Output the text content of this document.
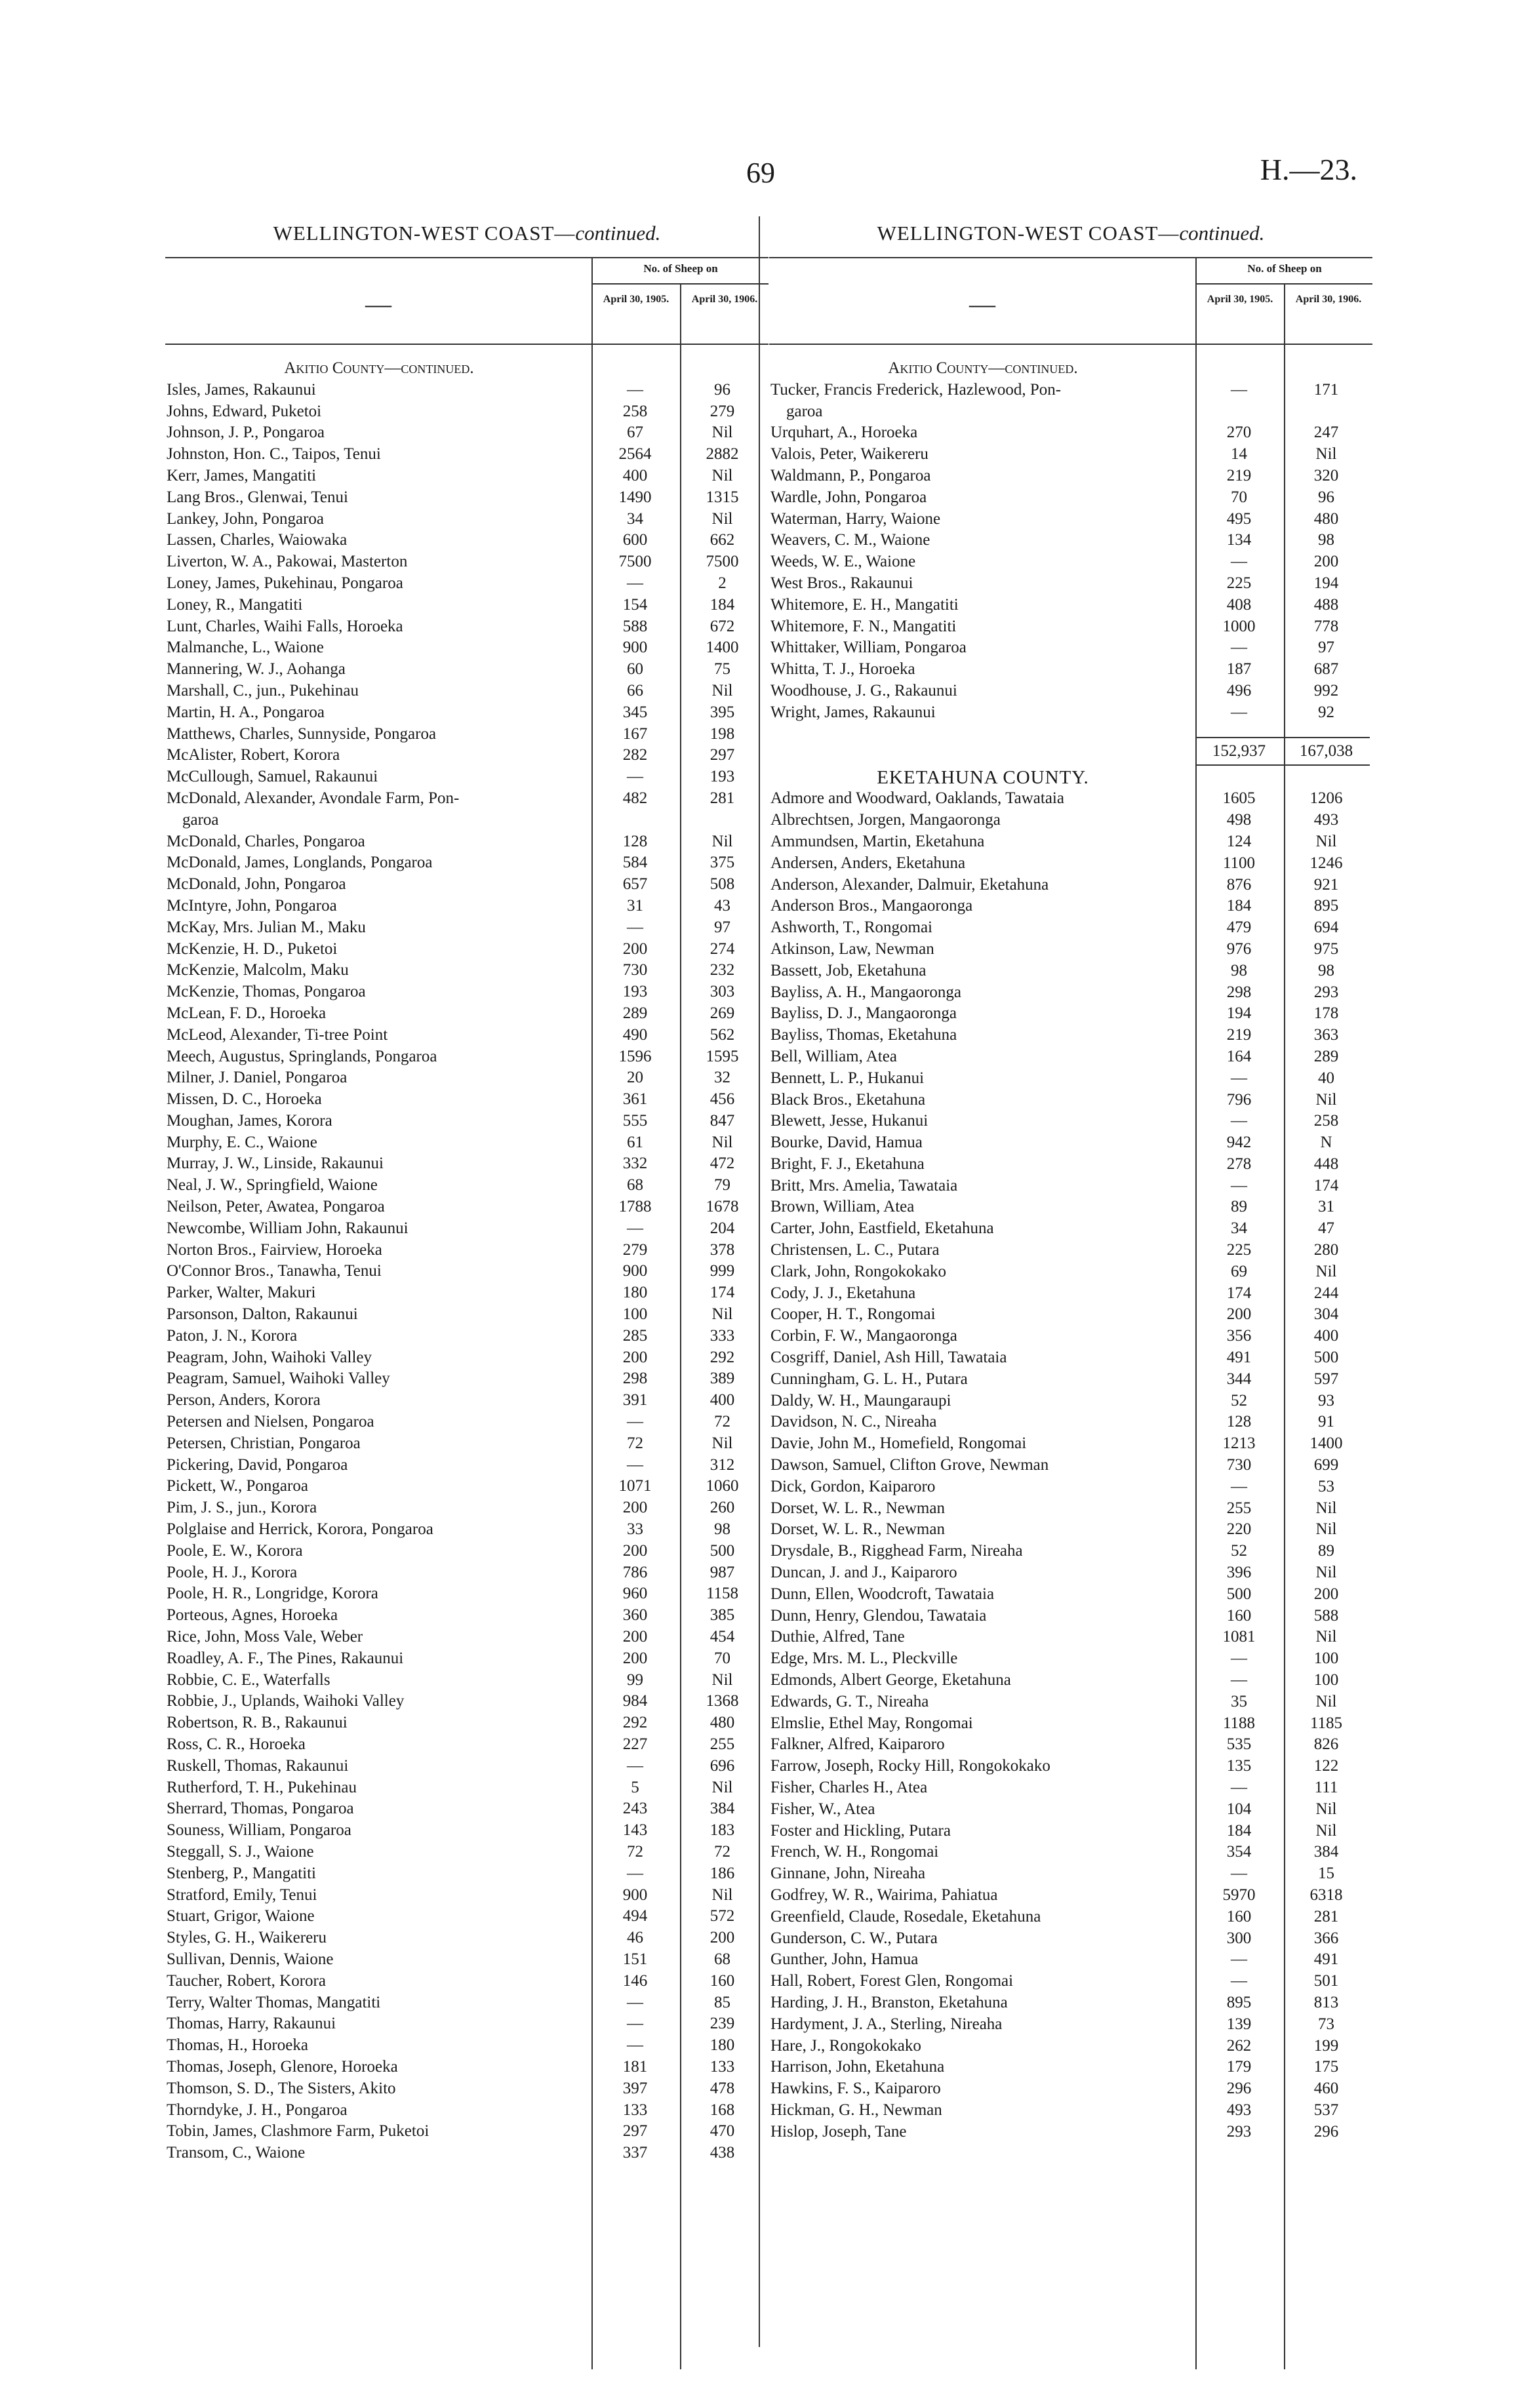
69	H.—23.
WELLINGTON-WEST COAST—continued.
—
No. of Sheep on
April 30, 1905.	April 30, 1906.
Akitio County—continued.
Isles, James, Rakaunui	—	96
Johns, Edward, Puketoi	258	279
Johnson, J. P., Pongaroa	67	Nil
Johnston, Hon. C., Taipos, Tenui	2564	2882
Kerr, James, Mangatiti	400	Nil
Lang Bros., Glenwai, Tenui	1490	1315
Lankey, John, Pongaroa	34	Nil
Lassen, Charles, Waiowaka	600	662
Liverton, W. A., Pakowai, Masterton	7500	7500
Loney, James, Pukehinau, Pongaroa	—	2
Loney, R., Mangatiti	154	184
Lunt, Charles, Waihi Falls, Horoeka	588	672
Malmanche, L., Waione	900	1400
Mannering, W. J., Aohanga	60	75
Marshall, C., jun., Pukehinau	66	Nil
Martin, H. A., Pongaroa	345	395
Matthews, Charles, Sunnyside, Pongaroa	167	198
McAlister, Robert, Korora	282	297
McCullough, Samuel, Rakaunui	—	193
McDonald, Alexander, Avondale Farm, Pon-	482	281
garoa
McDonald, Charles, Pongaroa	128	Nil
McDonald, James, Longlands, Pongaroa	584	375
McDonald, John, Pongaroa	657	508
McIntyre, John, Pongaroa	31	43
McKay, Mrs. Julian M., Maku	—	97
McKenzie, H. D., Puketoi	200	274
McKenzie, Malcolm, Maku	730	232
McKenzie, Thomas, Pongaroa	193	303
McLean, F. D., Horoeka	289	269
McLeod, Alexander, Ti-tree Point	490	562
Meech, Augustus, Springlands, Pongaroa	1596	1595
Milner, J. Daniel, Pongaroa	20	32
Missen, D. C., Horoeka	361	456
Moughan, James, Korora	555	847
Murphy, E. C., Waione	61	Nil
Murray, J. W., Linside, Rakaunui	332	472
Neal, J. W., Springfield, Waione	68	79
Neilson, Peter, Awatea, Pongaroa	1788	1678
Newcombe, William John, Rakaunui	—	204
Norton Bros., Fairview, Horoeka	279	378
O'Connor Bros., Tanawha, Tenui	900	999
Parker, Walter, Makuri	180	174
Parsonson, Dalton, Rakaunui	100	Nil
Paton, J. N., Korora	285	333
Peagram, John, Waihoki Valley	200	292
Peagram, Samuel, Waihoki Valley	298	389
Person, Anders, Korora	391	400
Petersen and Nielsen, Pongaroa	—	72
Petersen, Christian, Pongaroa	72	Nil
Pickering, David, Pongaroa	—	312
Pickett, W., Pongaroa	1071	1060
Pim, J. S., jun., Korora	200	260
Polglaise and Herrick, Korora, Pongaroa	33	98
Poole, E. W., Korora	200	500
Poole, H. J., Korora	786	987
Poole, H. R., Longridge, Korora	960	1158
Porteous, Agnes, Horoeka	360	385
Rice, John, Moss Vale, Weber	200	454
Roadley, A. F., The Pines, Rakaunui	200	70
Robbie, C. E., Waterfalls	99	Nil
Robbie, J., Uplands, Waihoki Valley	984	1368
Robertson, R. B., Rakaunui	292	480
Ross, C. R., Horoeka	227	255
Ruskell, Thomas, Rakaunui	—	696
Rutherford, T. H., Pukehinau	5	Nil
Sherrard, Thomas, Pongaroa	243	384
Souness, William, Pongaroa	143	183
Steggall, S. J., Waione	72	72
Stenberg, P., Mangatiti	—	186
Stratford, Emily, Tenui	900	Nil
Stuart, Grigor, Waione	494	572
Styles, G. H., Waikereru	46	200
Sullivan, Dennis, Waione	151	68
Taucher, Robert, Korora	146	160
Terry, Walter Thomas, Mangatiti	—	85
Thomas, Harry, Rakaunui	—	239
Thomas, H., Horoeka	—	180
Thomas, Joseph, Glenore, Horoeka	181	133
Thomson, S. D., The Sisters, Akito	397	478
Thorndyke, J. H., Pongaroa	133	168
Tobin, James, Clashmore Farm, Puketoi	297	470
Transom, C., Waione	337	438
WELLINGTON-WEST COAST—continued.
—
No. of Sheep on
April 30, 1905.	April 30, 1906.
Akitio County—continued.
Tucker, Francis Frederick, Hazlewood, Pon-	—	171
garoa
Urquhart, A., Horoeka	270	247
Valois, Peter, Waikereru	14	Nil
Waldmann, P., Pongaroa	219	320
Wardle, John, Pongaroa	70	96
Waterman, Harry, Waione	495	480
Weavers, C. M., Waione	134	98
Weeds, W. E., Waione	—	200
West Bros., Rakaunui	225	194
Whitemore, E. H., Mangatiti	408	488
Whitemore, F. N., Mangatiti	1000	778
Whittaker, William, Pongaroa	—	97
Whitta, T. J., Horoeka	187	687
Woodhouse, J. G., Rakaunui	496	992
Wright, James, Rakaunui	—	92
152,937	167,038
EKETAHUNA COUNTY.
Admore and Woodward, Oaklands, Tawataia	1605	1206
Albrechtsen, Jorgen, Mangaoronga	498	493
Ammundsen, Martin, Eketahuna	124	Nil
Andersen, Anders, Eketahuna	1100	1246
Anderson, Alexander, Dalmuir, Eketahuna	876	921
Anderson Bros., Mangaoronga	184	895
Ashworth, T., Rongomai	479	694
Atkinson, Law, Newman	976	975
Bassett, Job, Eketahuna	98	98
Bayliss, A. H., Mangaoronga	298	293
Bayliss, D. J., Mangaoronga	194	178
Bayliss, Thomas, Eketahuna	219	363
Bell, William, Atea	164	289
Bennett, L. P., Hukanui	—	40
Black Bros., Eketahuna	796	Nil
Blewett, Jesse, Hukanui	—	258
Bourke, David, Hamua	942	N
Bright, F. J., Eketahuna	278	448
Britt, Mrs. Amelia, Tawataia	—	174
Brown, William, Atea	89	31
Carter, John, Eastfield, Eketahuna	34	47
Christensen, L. C., Putara	225	280
Clark, John, Rongokokako	69	Nil
Cody, J. J., Eketahuna	174	244
Cooper, H. T., Rongomai	200	304
Corbin, F. W., Mangaoronga	356	400
Cosgriff, Daniel, Ash Hill, Tawataia	491	500
Cunningham, G. L. H., Putara	344	597
Daldy, W. H., Maungaraupi	52	93
Davidson, N. C., Nireaha	128	91
Davie, John M., Homefield, Rongomai	1213	1400
Dawson, Samuel, Clifton Grove, Newman	730	699
Dick, Gordon, Kaiparoro	—	53
Dorset, W. L. R., Newman	255	Nil
Dorset, W. L. R., Newman	220	Nil
Drysdale, B., Rigghead Farm, Nireaha	52	89
Duncan, J. and J., Kaiparoro	396	Nil
Dunn, Ellen, Woodcroft, Tawataia	500	200
Dunn, Henry, Glendou, Tawataia	160	588
Duthie, Alfred, Tane	1081	Nil
Edge, Mrs. M. L., Pleckville	—	100
Edmonds, Albert George, Eketahuna	—	100
Edwards, G. T., Nireaha	35	Nil
Elmslie, Ethel May, Rongomai	1188	1185
Falkner, Alfred, Kaiparoro	535	826
Farrow, Joseph, Rocky Hill, Rongokokako	135	122
Fisher, Charles H., Atea	—	111
Fisher, W., Atea	104	Nil
Foster and Hickling, Putara	184	Nil
French, W. H., Rongomai	354	384
Ginnane, John, Nireaha	—	15
Godfrey, W. R., Wairima, Pahiatua	5970	6318
Greenfield, Claude, Rosedale, Eketahuna	160	281
Gunderson, C. W., Putara	300	366
Gunther, John, Hamua	—	491
Hall, Robert, Forest Glen, Rongomai	—	501
Harding, J. H., Branston, Eketahuna	895	813
Hardyment, J. A., Sterling, Nireaha	139	73
Hare, J., Rongokokako	262	199
Harrison, John, Eketahuna	179	175
Hawkins, F. S., Kaiparoro	296	460
Hickman, G. H., Newman	493	537
Hislop, Joseph, Tane	293	296
